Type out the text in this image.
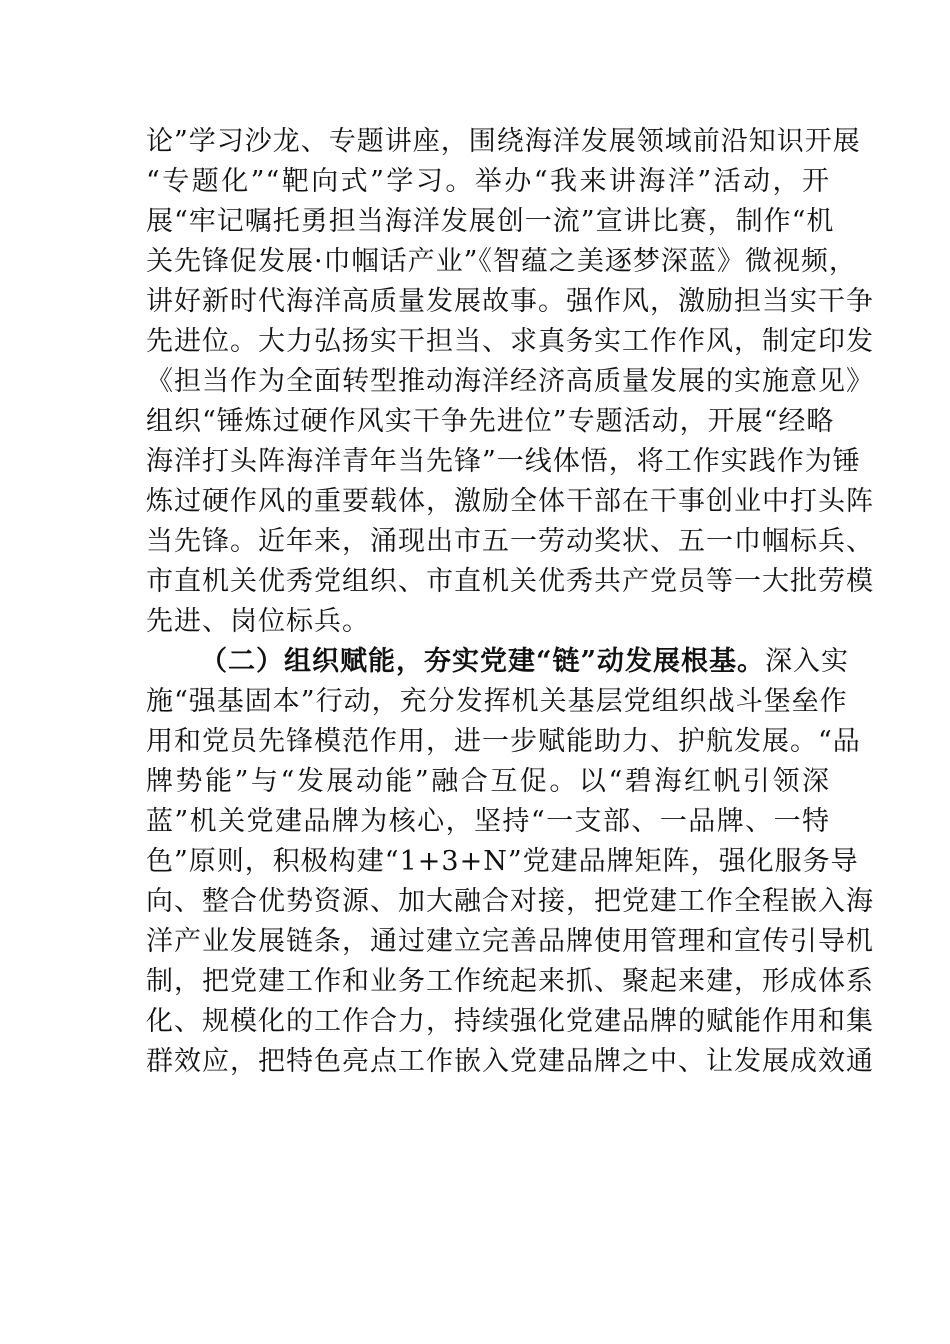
论”学习沙龙、专题讲座，围绕海洋发展领域前沿知识开展
“专题化”“靶向式”学习。举办“我来讲海洋”活动，开
展“牢记嘱托勇担当海洋发展创一流”宣讲比赛，制作“机
关先锋促发展·巾帼话产业”《智蕴之美逐梦深蓝》微视频，
讲好新时代海洋高质量发展故事。强作风，激励担当实干争
先进位。大力弘扬实干担当、求真务实工作作风，制定印发
《担当作为全面转型推动海洋经济高质量发展的实施意见》
组织“锤炼过硬作风实干争先进位”专题活动，开展“经略
海洋打头阵海洋青年当先锋”一线体悟，将工作实践作为锤
炼过硬作风的重要载体，激励全体干部在干事创业中打头阵
当先锋。近年来，涌现出市五一劳动奖状、五一巾帼标兵、
市直机关优秀党组织、市直机关优秀共产党员等一大批劳模
先进、岗位标兵。
（二）组织赋能，夯实党建“链”动发展根基。深入实
施“强基固本”行动，充分发挥机关基层党组织战斗堡垒作
用和党员先锋模范作用，进一步赋能助力、护航发展。“品
牌势能”与“发展动能”融合互促。以“碧海红帆引领深
蓝”机关党建品牌为核心，坚持“一支部、一品牌、一特
色”原则，积极构建“1+3+N”党建品牌矩阵，强化服务导
向、整合优势资源、加大融合对接，把党建工作全程嵌入海
洋产业发展链条，通过建立完善品牌使用管理和宣传引导机
制，把党建工作和业务工作统起来抓、聚起来建，形成体系
化、规模化的工作合力，持续强化党建品牌的赋能作用和集
群效应，把特色亮点工作嵌入党建品牌之中、让发展成效通
